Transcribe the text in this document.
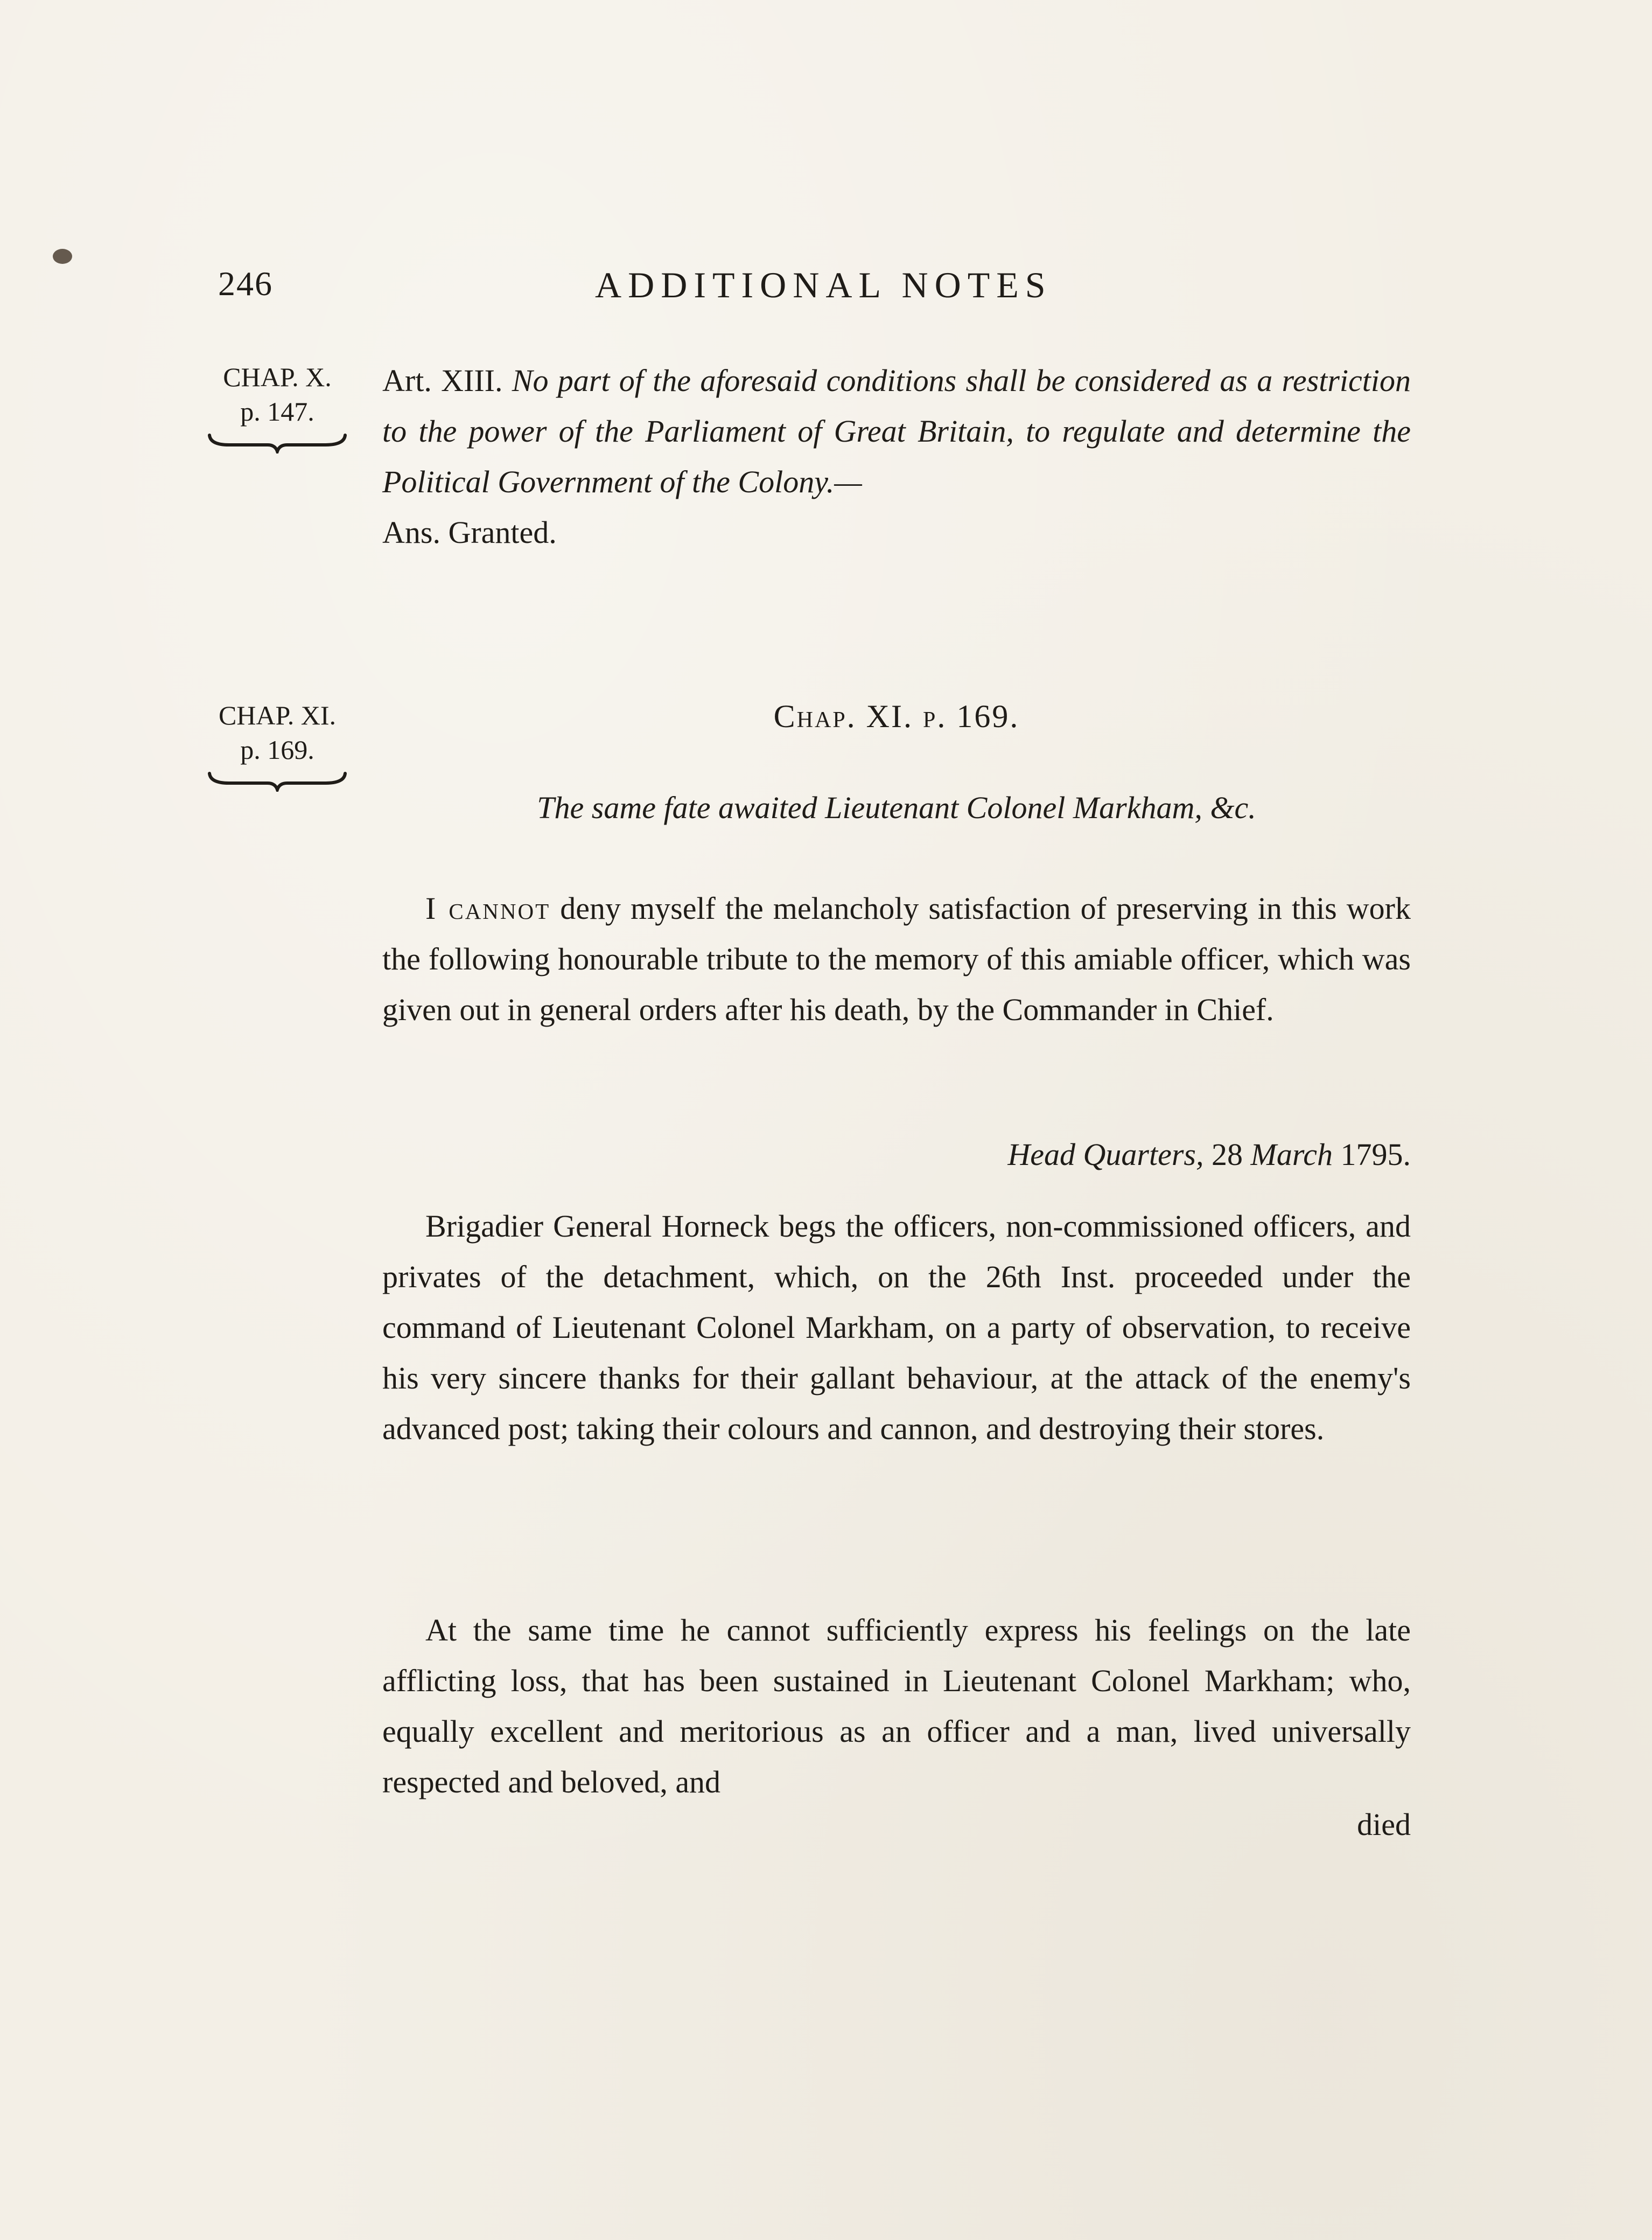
246	ADDITIONAL NOTES
CHAP. X.
p. 147.
Art. XIII. No part of the aforesaid conditions shall be considered as a restriction to the power of the Parliament of Great Britain, to regulate and determine the Political Government of the Colony.—
Ans. Granted.
CHAP. XI.
p. 169.
Chap. XI. p. 169.
The same fate awaited Lieutenant Colonel Markham, &c.

I cannot deny myself the melancholy satisfaction of preserving in this work the following honourable tribute to the memory of this amiable officer, which was given out in general orders after his death, by the Commander in Chief.

Head Quarters, 28 March 1795.

Brigadier General Horneck begs the officers, non-commissioned officers, and privates of the detachment, which, on the 26th Inst. proceeded under the command of Lieutenant Colonel Markham, on a party of observation, to receive his very sincere thanks for their gallant behaviour, at the attack of the enemy's advanced post; taking their colours and cannon, and destroying their stores.

At the same time he cannot sufficiently express his feelings on the late afflicting loss, that has been sustained in Lieutenant Colonel Markham; who, equally excellent and meritorious as an officer and a man, lived universally respected and beloved, and

died
